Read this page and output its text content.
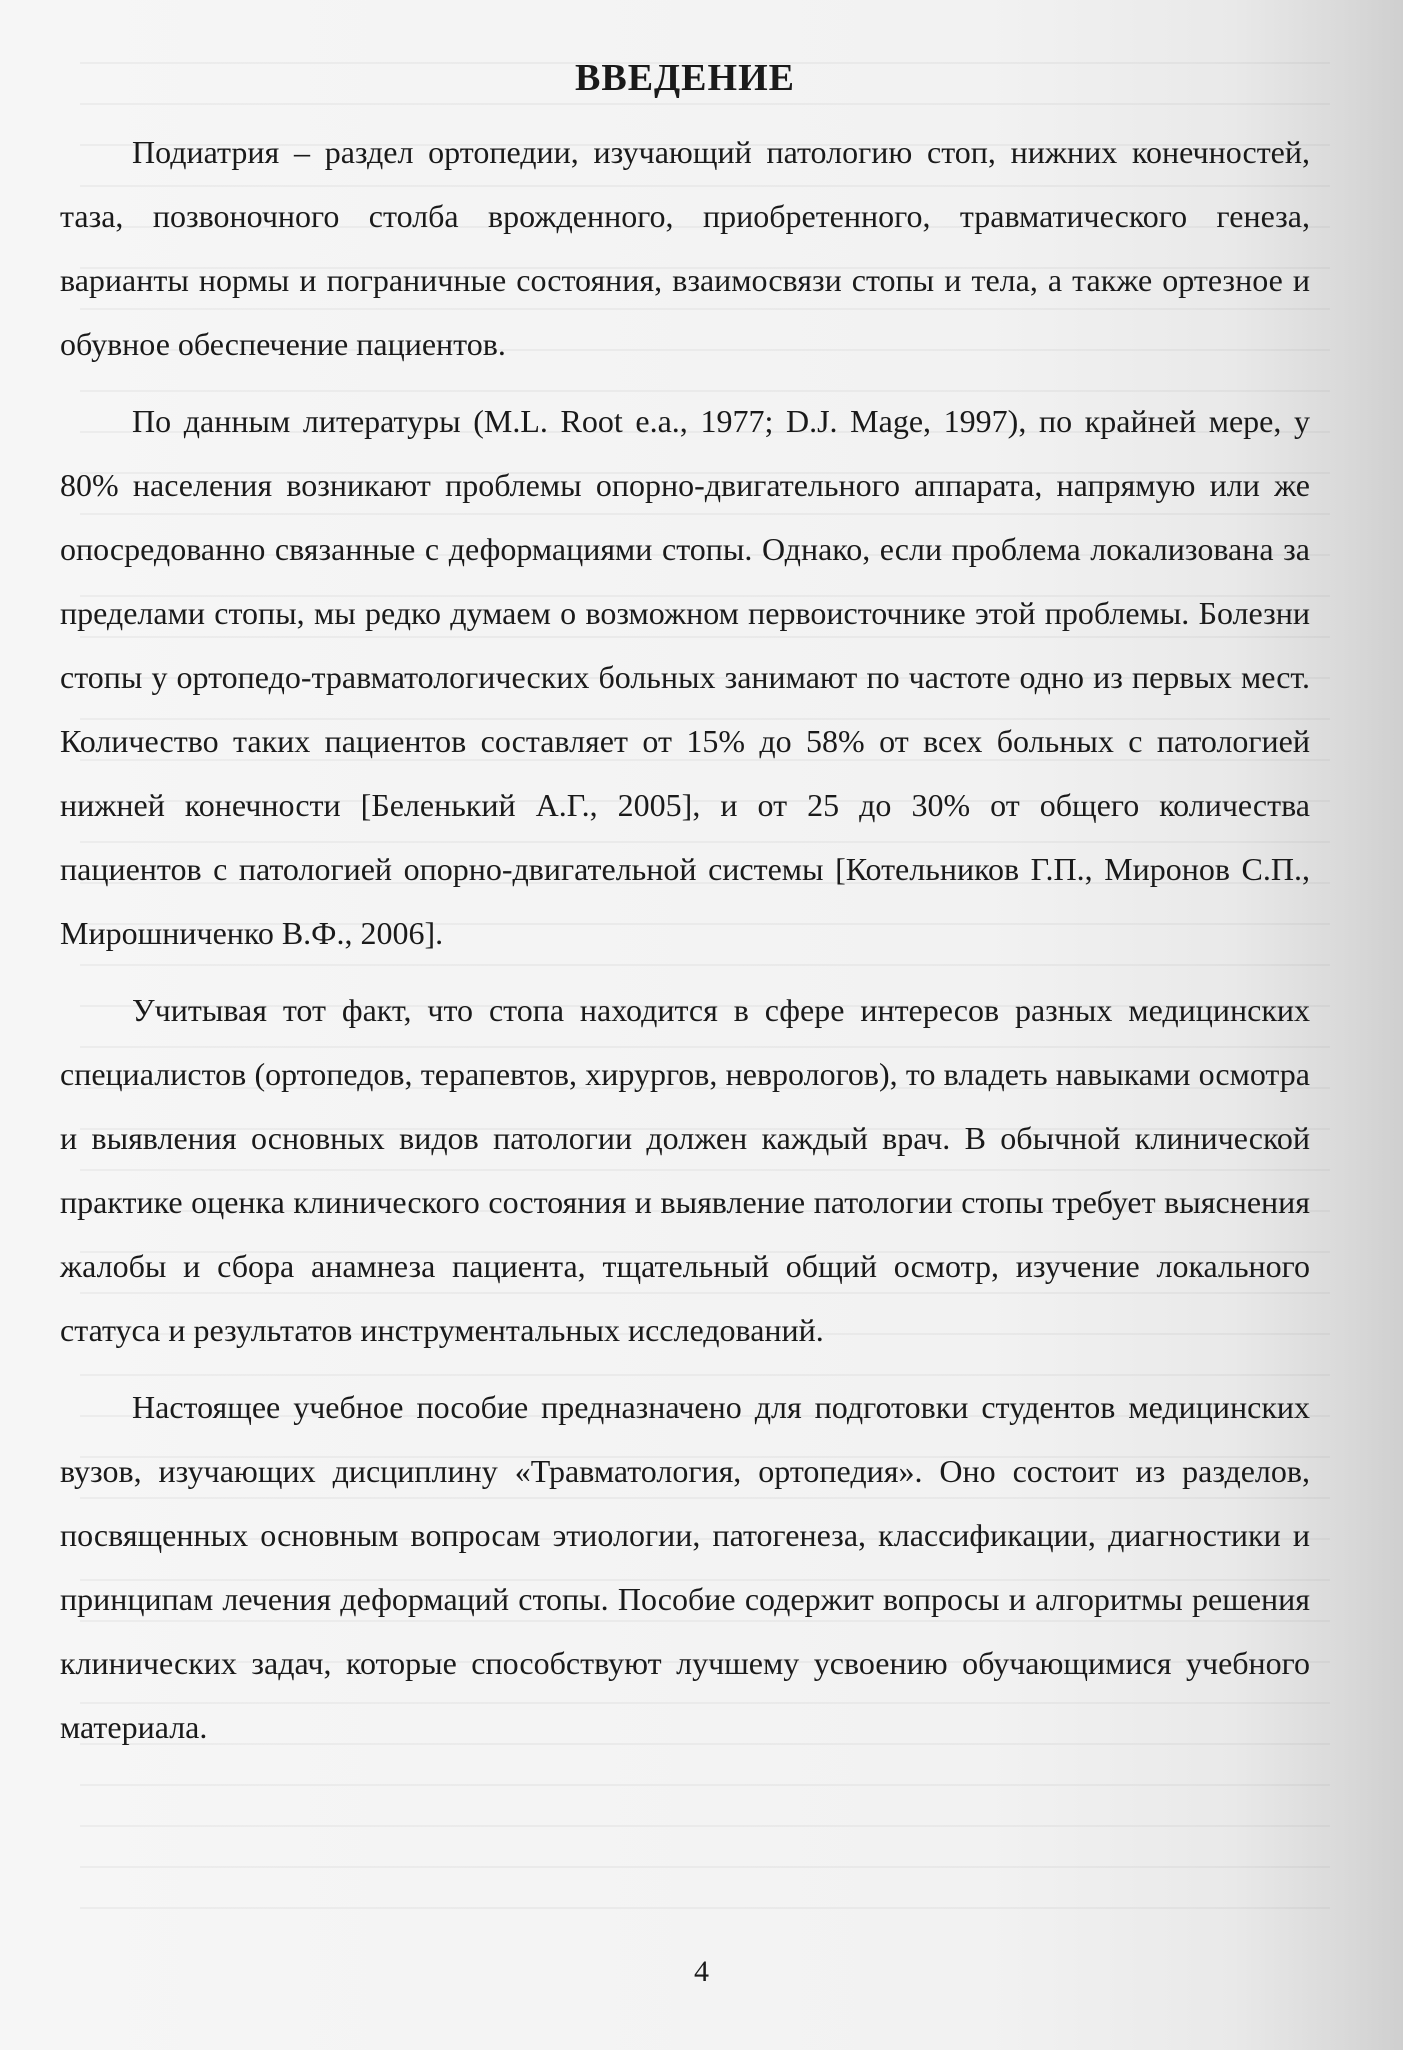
ВВЕДЕНИЕ

Подиатрия – раздел ортопедии, изучающий патологию стоп, нижних конечностей, таза, позвоночного столба врожденного, приобретенного, травматического генеза, варианты нормы и пограничные состояния, взаимосвязи стопы и тела, а также ортезное и обувное обеспечение пациентов.

По данным литературы (M.L. Root e.a., 1977; D.J. Mage, 1997), по крайней мере, у 80% населения возникают проблемы опорно-двигательного аппарата, напрямую или же опосредованно связанные с деформациями стопы. Однако, если проблема локализована за пределами стопы, мы редко думаем о возможном первоисточнике этой проблемы. Болезни стопы у ортопедо-травматологических больных занимают по частоте одно из первых мест. Количество таких пациентов составляет от 15% до 58% от всех больных с патологией нижней конечности [Беленький А.Г., 2005], и от 25 до 30% от общего количества пациентов с патологией опорно-двигательной системы [Котельников Г.П., Миронов С.П., Мирошниченко В.Ф., 2006].

Учитывая тот факт, что стопа находится в сфере интересов разных медицинских специалистов (ортопедов, терапевтов, хирургов, неврологов), то владеть навыками осмотра и выявления основных видов патологии должен каждый врач. В обычной клинической практике оценка клинического состояния и выявление патологии стопы требует выяснения жалобы и сбора анамнеза пациента, тщательный общий осмотр, изучение локального статуса и результатов инструментальных исследований.

Настоящее учебное пособие предназначено для подготовки студентов медицинских вузов, изучающих дисциплину «Травматология, ортопедия». Оно состоит из разделов, посвященных основным вопросам этиологии, патогенеза, классификации, диагностики и принципам лечения деформаций стопы. Пособие содержит вопросы и алгоритмы решения клинических задач, которые способствуют лучшему усвоению обучающимися учебного материала.

4
